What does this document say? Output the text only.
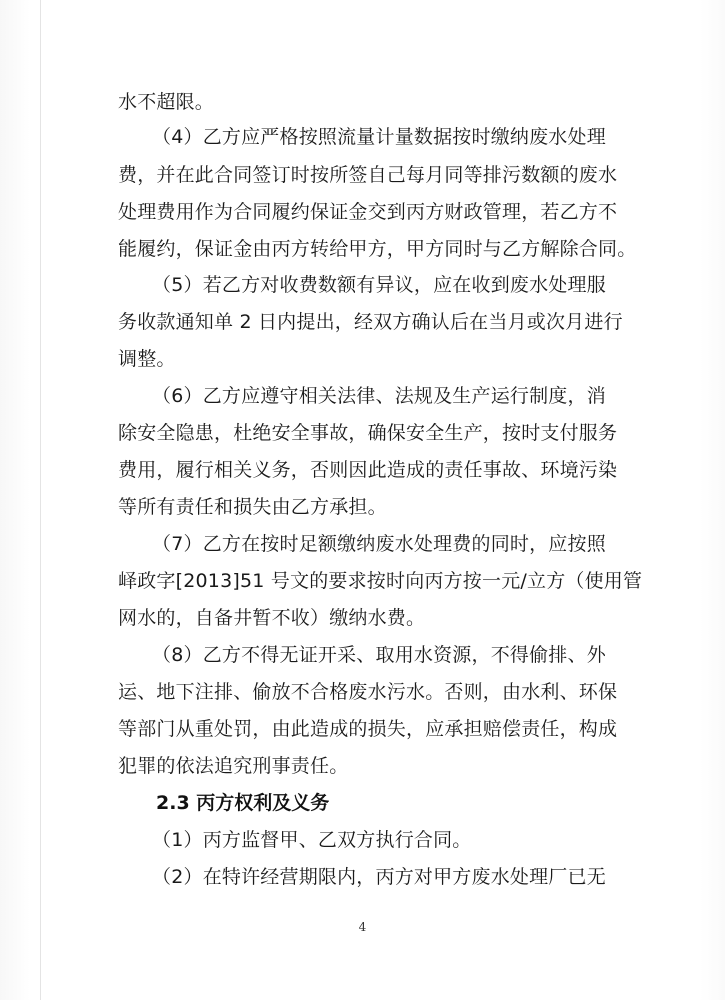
水不超限。
（4）乙方应严格按照流量计量数据按时缴纳废水处理
费，并在此合同签订时按所签自己每月同等排污数额的废水
处理费用作为合同履约保证金交到丙方财政管理，若乙方不
能履约，保证金由丙方转给甲方，甲方同时与乙方解除合同。
（5）若乙方对收费数额有异议，应在收到废水处理服
务收款通知单 2 日内提出，经双方确认后在当月或次月进行
调整。
（6）乙方应遵守相关法律、法规及生产运行制度，消
除安全隐患，杜绝安全事故，确保安全生产，按时支付服务
费用，履行相关义务，否则因此造成的责任事故、环境污染
等所有责任和损失由乙方承担。
（7）乙方在按时足额缴纳废水处理费的同时，应按照
峄政字[2013]51 号文的要求按时向丙方按一元/立方（使用管
网水的，自备井暂不收）缴纳水费。
（8）乙方不得无证开采、取用水资源，不得偷排、外
运、地下注排、偷放不合格废水污水。否则，由水利、环保
等部门从重处罚，由此造成的损失，应承担赔偿责任，构成
犯罪的依法追究刑事责任。
2.3 丙方权利及义务
（1）丙方监督甲、乙双方执行合同。
（2）在特许经营期限内，丙方对甲方废水处理厂已无
4
